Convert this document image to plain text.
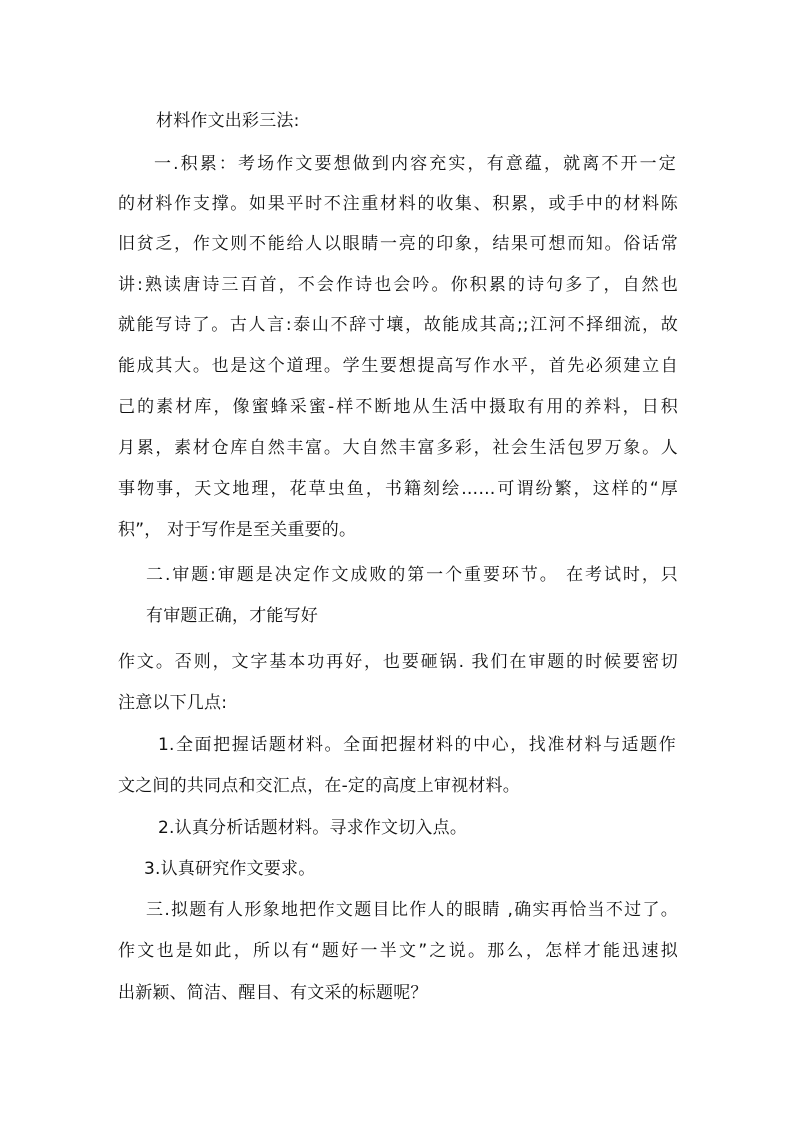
材料作文出彩三法:
一.积累：考场作文要想做到内容充实，有意蕴，就离不开一定
的材料作支撑。如果平时不注重材料的收集、积累，或手中的材料陈
旧贫乏，作文则不能给人以眼睛一亮的印象，结果可想而知。俗话常
讲:熟读唐诗三百首，不会作诗也会吟。你积累的诗句多了，自然也
就能写诗了。古人言:泰山不辞寸壤，故能成其高;;江河不择细流，故
能成其大。也是这个道理。学生要想提高写作水平，首先必须建立自
己的素材库，像蜜蜂采蜜-样不断地从生活中摄取有用的养料，日积
月累，素材仓库自然丰富。大自然丰富多彩，社会生活包罗万象。人
事物事，天文地理，花草虫鱼，书籍刻绘……可谓纷繁，这样的“厚
积”， 对于写作是至关重要的。
二.审题:审题是决定作文成败的第一个重要环节。 在考试时，只
有审题正确，才能写好
作文。否则，文字基本功再好，也要砸锅. 我们在审题的时候要密切
注意以下几点:
1.全面把握话题材料。全面把握材料的中心，找准材料与适题作
文之间的共同点和交汇点，在-定的高度上审视材料。
2.认真分析话题材料。寻求作文切入点。
3.认真研究作文要求。
三.拟题有人形象地把作文题目比作人的眼睛 ,确实再恰当不过了。
作文也是如此，所以有“题好一半文”之说。那么，怎样才能迅速拟
出新颖、简洁、醒目、有文采的标题呢？
